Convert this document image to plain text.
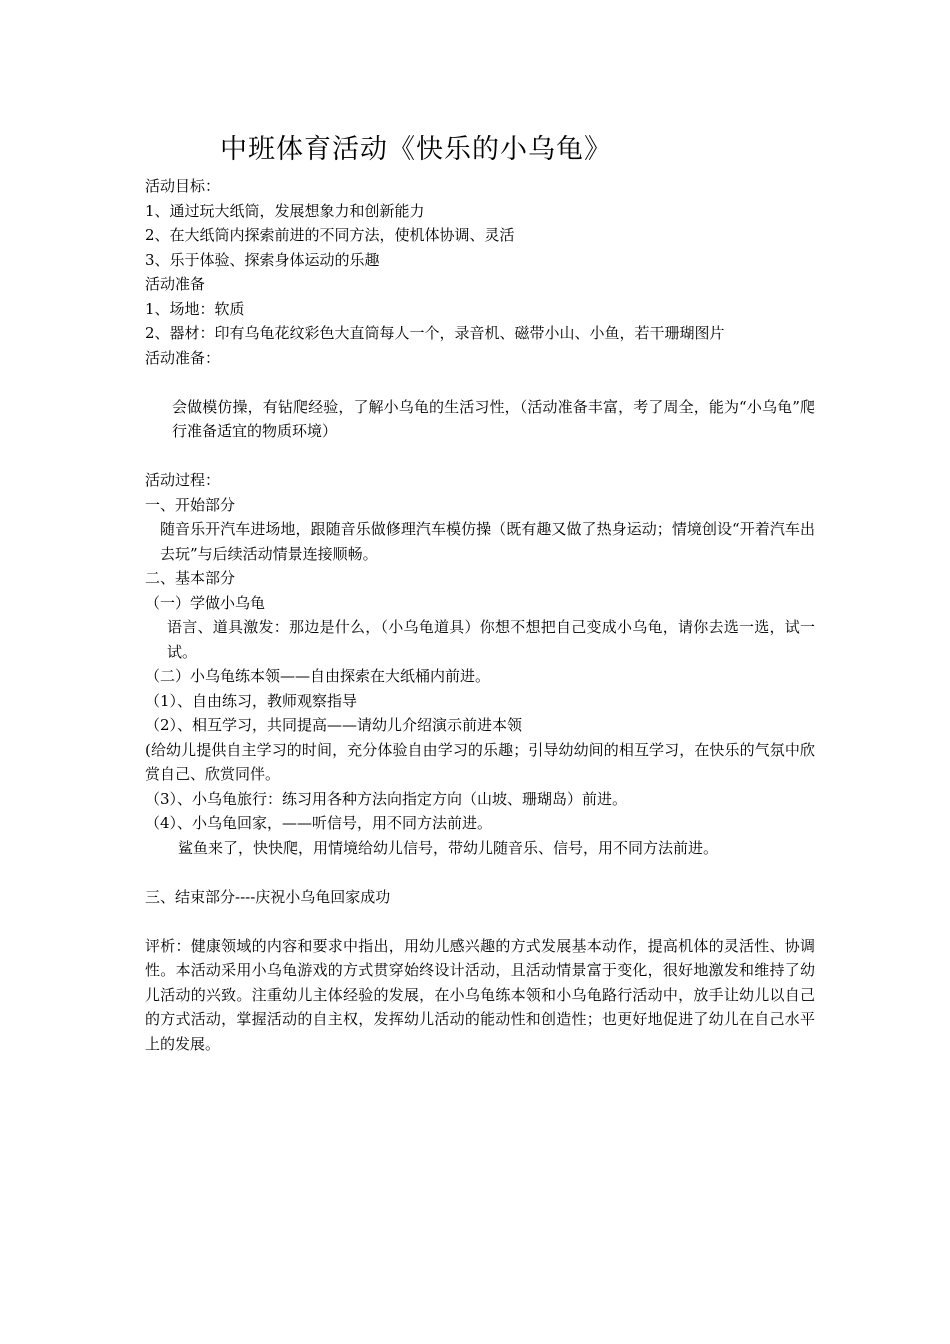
中班体育活动《快乐的小乌龟》
活动目标：
1、通过玩大纸筒，发展想象力和创新能力
2、在大纸筒内探索前进的不同方法，使机体协调、灵活
3、乐于体验、探索身体运动的乐趣
活动准备
1、场地：软质
2、器材：印有乌龟花纹彩色大直筒每人一个，录音机、磁带小山、小鱼，若干珊瑚图片
活动准备：
会做模仿操，有钻爬经验，了解小乌龟的生活习性，（活动准备丰富，考了周全，能为“小乌龟”爬行准备适宜的物质环境）
活动过程：
一、开始部分
随音乐开汽车进场地，跟随音乐做修理汽车模仿操（既有趣又做了热身运动；情境创设“开着汽车出去玩”与后续活动情景连接顺畅。
二、基本部分
（一）学做小乌龟
语言、道具激发：那边是什么，（小乌龟道具）你想不想把自己变成小乌龟，请你去选一选，试一试。
（二）小乌龟练本领——自由探索在大纸桶内前进。
（1）、自由练习，教师观察指导
（2）、相互学习，共同提高——请幼儿介绍演示前进本领
(给幼儿提供自主学习的时间，充分体验自由学习的乐趣；引导幼幼间的相互学习，在快乐的气氛中欣赏自己、欣赏同伴。
（3）、小乌龟旅行：练习用各种方法向指定方向（山坡、珊瑚岛）前进。
（4）、小乌龟回家，——听信号，用不同方法前进。
鲨鱼来了，快快爬，用情境给幼儿信号，带幼儿随音乐、信号，用不同方法前进。
三、结束部分----庆祝小乌龟回家成功
评析：健康领域的内容和要求中指出，用幼儿感兴趣的方式发展基本动作，提高机体的灵活性、协调性。本活动采用小乌龟游戏的方式贯穿始终设计活动，且活动情景富于变化，很好地激发和维持了幼儿活动的兴致。注重幼儿主体经验的发展，在小乌龟练本领和小乌龟路行活动中，放手让幼儿以自己的方式活动，掌握活动的自主权，发挥幼儿活动的能动性和创造性；也更好地促进了幼儿在自己水平上的发展。
